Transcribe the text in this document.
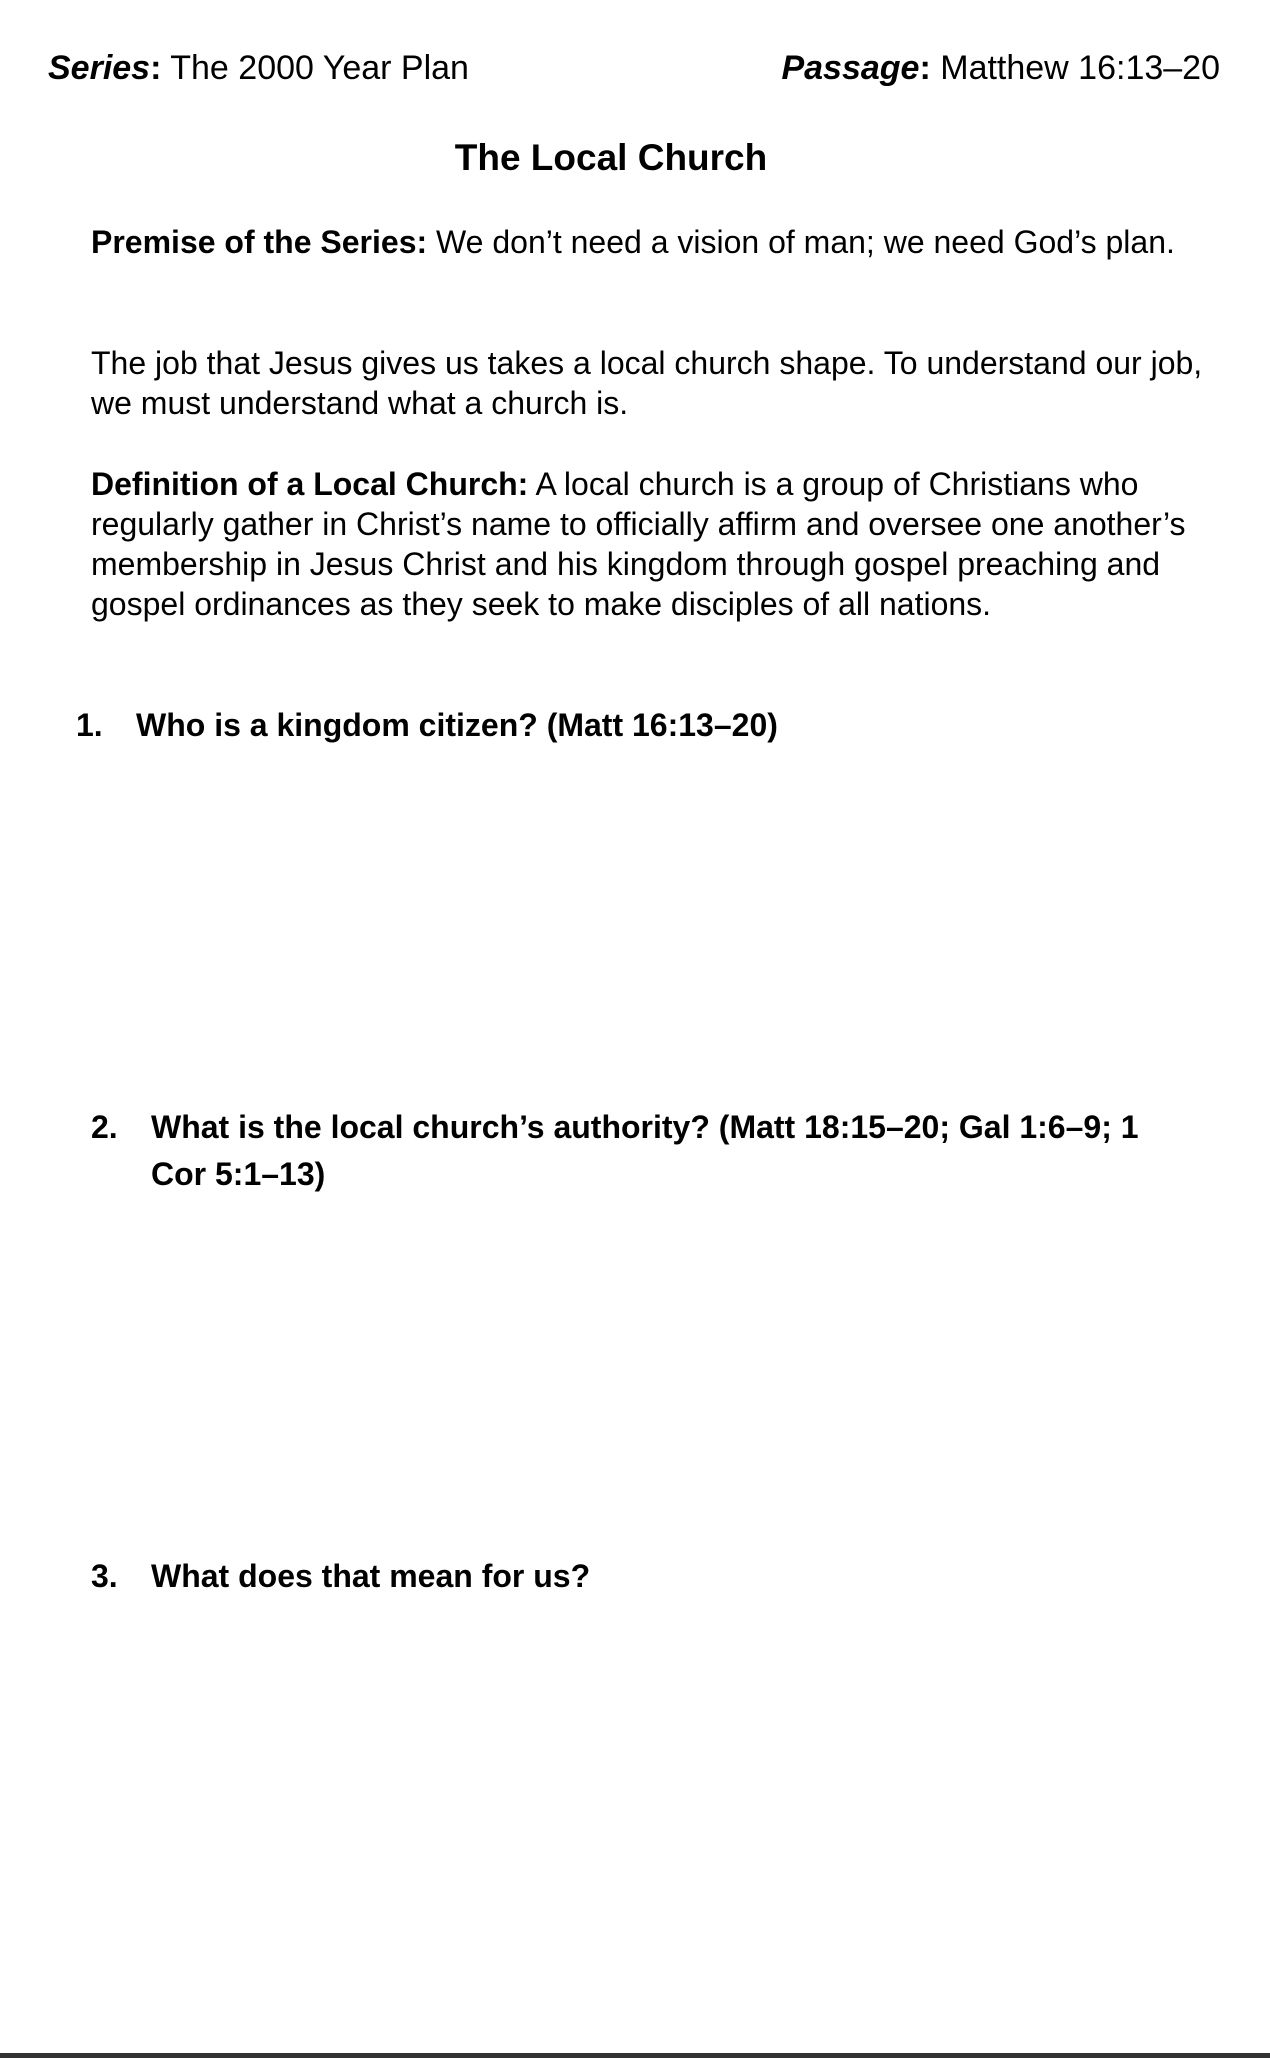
Series: The 2000 Year Plan	Passage: Matthew 16:13–20
The Local Church
Premise of the Series: We don’t need a vision of man; we need God’s plan.
The job that Jesus gives us takes a local church shape. To understand our job, we must understand what a church is.
Definition of a Local Church: A local church is a group of Christians who regularly gather in Christ’s name to officially affirm and oversee one another’s membership in Jesus Christ and his kingdom through gospel preaching and gospel ordinances as they seek to make disciples of all nations.
1. Who is a kingdom citizen? (Matt 16:13–20)
2. What is the local church’s authority? (Matt 18:15–20; Gal 1:6–9; 1 Cor 5:1–13)
3. What does that mean for us?
